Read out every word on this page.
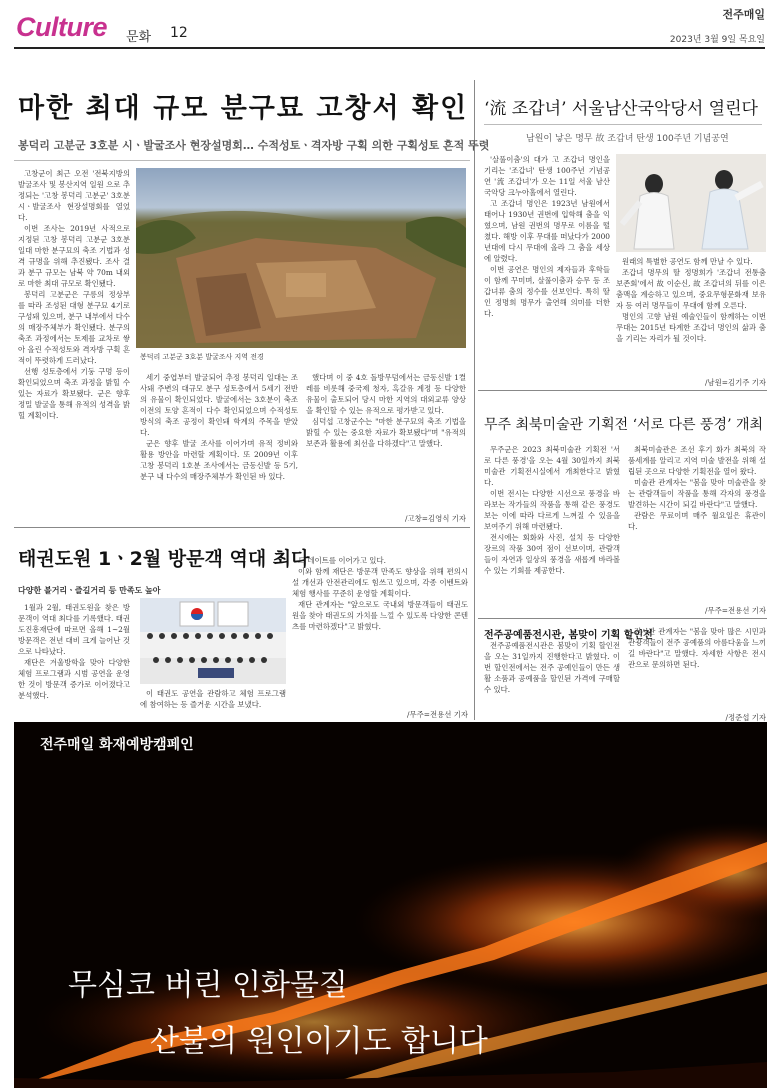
Culture 문화 12
전주매일
2023년 3월 9일 목요일
마한 최대 규모 분구묘 고창서 확인
봉덕리 고분군 3호분 시ㆍ발굴조사 현장설명회… 수적성토ㆍ격자방 구획 의한 구획성토 흔적 뚜렷

고창군이 최근 오전 '전북지방의 발굴조사 및 봉산지역 일원 으로 추정되는 '고창 봉덕리 고분군' 3호분 시ㆍ발굴조사 현장설명회를 열었다.

이번 조사는 2019년 사적으로 지정된 고창 봉덕리 고분군 3호분 일대 마한 분구묘의 축조 기법과 성격 규명을 위해 추진됐다. 조사 결과 분구 규모는 남북 약 70m 내외로 마한 최대 규모로 확인됐다.

봉덕리 고분군은 구릉의 정상부를 따라 조성된 대형 분구묘 4기로 구성돼 있으며, 분구 내부에서 다수의 매장주체부가 확인됐다. 분구의 축조 과정에서는 토제를 교차로 쌓아 올린 수적성토와 격자방 구획 흔적이 뚜렷하게 드러났다.

선행 성토층에서 기둥 구멍 등이 확인되었으며 축조 과정을 밝힐 수 있는 자료가 확보됐다. 군은 향후 정밀 발굴을 통해 유적의 성격을 밝힐 계획이다.

봉덕리 고분군 3호분 발굴조사 지역 전경

세기 중엽부터 발굴되어 추정 봉덕리 일대는 조사돼 주변의 대규모 분구 성토층에서 5세기 전반의 유물이 확인되었다. 발굴에서는 3호분이 축조 이전의 토양 흔적이 다수 확인되었으며 수적성토 방식의 축조 공정이 확인돼 학계의 주목을 받았다.

군은 향후 발굴 조사를 이어가며 유적 정비와 활용 방안을 마련할 계획이다. 또 2009년 이후 고창 봉덕리 1호분 조사에서는 금동신발 등 5기, 분구 내 다수의 매장주체부가 확인된 바 있다.

했다며 이 중 4호 돌방무덤에서는 금동신발 1켤레를 비롯해 중국제 청자, 흑갈유 계정 등 다양한 유물이 출토되어 당시 마한 지역의 대외교류 양상을 확인할 수 있는 유적으로 평가받고 있다.

심덕섭 고창군수는 "마한 분구묘의 축조 기법을 밝힐 수 있는 중요한 자료가 확보됐다"며 "유적의 보존과 활용에 최선을 다하겠다"고 말했다.

/고창=김영식 기자
‘流 조갑녀’ 서울남산국악당서 열린다
남원이 낳은 명무 故 조갑녀 탄생 100주년 기념공연

'살풀이춤'의 대가 고 조갑녀 명인을 기리는 '조갑녀' 탄생 100주년 기념공연 '流 조갑녀'가 오는 11일 서울 남산국악당 크누아홀에서 열린다.

고 조갑녀 명인은 1923년 남원에서 태어나 1930년 권번에 입학해 춤을 익혔으며, 남원 권번의 명무로 이름을 떨쳤다. 해방 이후 무대를 떠났다가 2000년대에 다시 무대에 올라 그 춤을 세상에 알렸다.

이번 공연은 명인의 제자들과 후학들이 함께 꾸미며, 살풀이춤과 승무 등 조갑녀류 춤의 정수를 선보인다. 특히 딸인 정명희 명무가 출연해 의미를 더한다.

원래의 특별한 공연도 함께 만날 수 있다.

조갑녀 명무의 딸 정명희가 '조갑녀 전통춤 보존회'에서 故 이순신, 故 조갑녀의 뒤를 이은 춤맥을 계승하고 있으며, 중요무형문화재 보유자 등 여러 명무들이 무대에 함께 오른다.

명인의 고향 남원 예술인들이 함께하는 이번 무대는 2015년 타계한 조갑녀 명인의 삶과 춤을 기리는 자리가 될 것이다.

/남원=김기주 기자
무주 최북미술관 기획전 ‘서로 다른 풍경’ 개최

무주군은 2023 최북미술관 기획전 '서로 다른 풍경'을 오는 4월 30일까지 최북미술관 기획전시실에서 개최한다고 밝혔다.

이번 전시는 다양한 시선으로 풍경을 바라보는 작가들의 작품을 통해 같은 풍경도 보는 이에 따라 다르게 느껴질 수 있음을 보여주기 위해 마련됐다.

전시에는 회화와 사진, 설치 등 다양한 장르의 작품 30여 점이 선보이며, 관람객들이 자연과 일상의 풍경을 새롭게 바라볼 수 있는 기회를 제공한다.

최북미술관은 조선 후기 화가 최북의 작품세계를 알리고 지역 미술 발전을 위해 설립된 곳으로 다양한 기획전을 열어 왔다.

미술관 관계자는 "봄을 맞아 미술관을 찾는 관람객들이 작품을 통해 각자의 풍경을 발견하는 시간이 되길 바란다"고 말했다.

관람은 무료이며 매주 월요일은 휴관이다.

/무주=전용선 기자
태권도원 1ㆍ2월 방문객 역대 최다
다양한 볼거리ㆍ즐길거리 등 만족도 높아

1월과 2월, 태권도원을 찾은 방문객이 역대 최다를 기록했다. 태권도진흥재단에 따르면 올해 1~2월 방문객은 전년 대비 크게 늘어난 것으로 나타났다.

재단은 겨울방학을 맞아 다양한 체험 프로그램과 시범 공연을 운영한 것이 방문객 증가로 이어졌다고 분석했다.	이 태권도 공연을 관람하고 체험 프로그램에 참여하는 등 즐거운 시간을 보냈다.

드 데이트를 이어가고 있다.

이와 함께 재단은 방문객 만족도 향상을 위해 편의시설 개선과 안전관리에도 힘쓰고 있으며, 각종 이벤트와 체험 행사를 꾸준히 운영할 계획이다.

재단 관계자는 "앞으로도 국내외 방문객들이 태권도원을 찾아 태권도의 가치를 느낄 수 있도록 다양한 콘텐츠를 마련하겠다"고 밝혔다.

/무주=전용선 기자
전주공예품전시관, 봄맞이 기획 할인전

전주공예품전시관은 봄맞이 기획 할인전을 오는 31일까지 진행한다고 밝혔다. 이번 할인전에서는 전주 공예인들이 만든 생활 소품과 공예품을 할인된 가격에 구매할 수 있다.

전시관 관계자는 "봄을 맞아 많은 시민과 관광객들이 전주 공예품의 아름다움을 느끼길 바란다"고 말했다. 자세한 사항은 전시관으로 문의하면 된다.

/정준섭 기자
전주매일 화재예방캠페인
무심코 버린 인화물질
산불의 원인이기도 합니다
